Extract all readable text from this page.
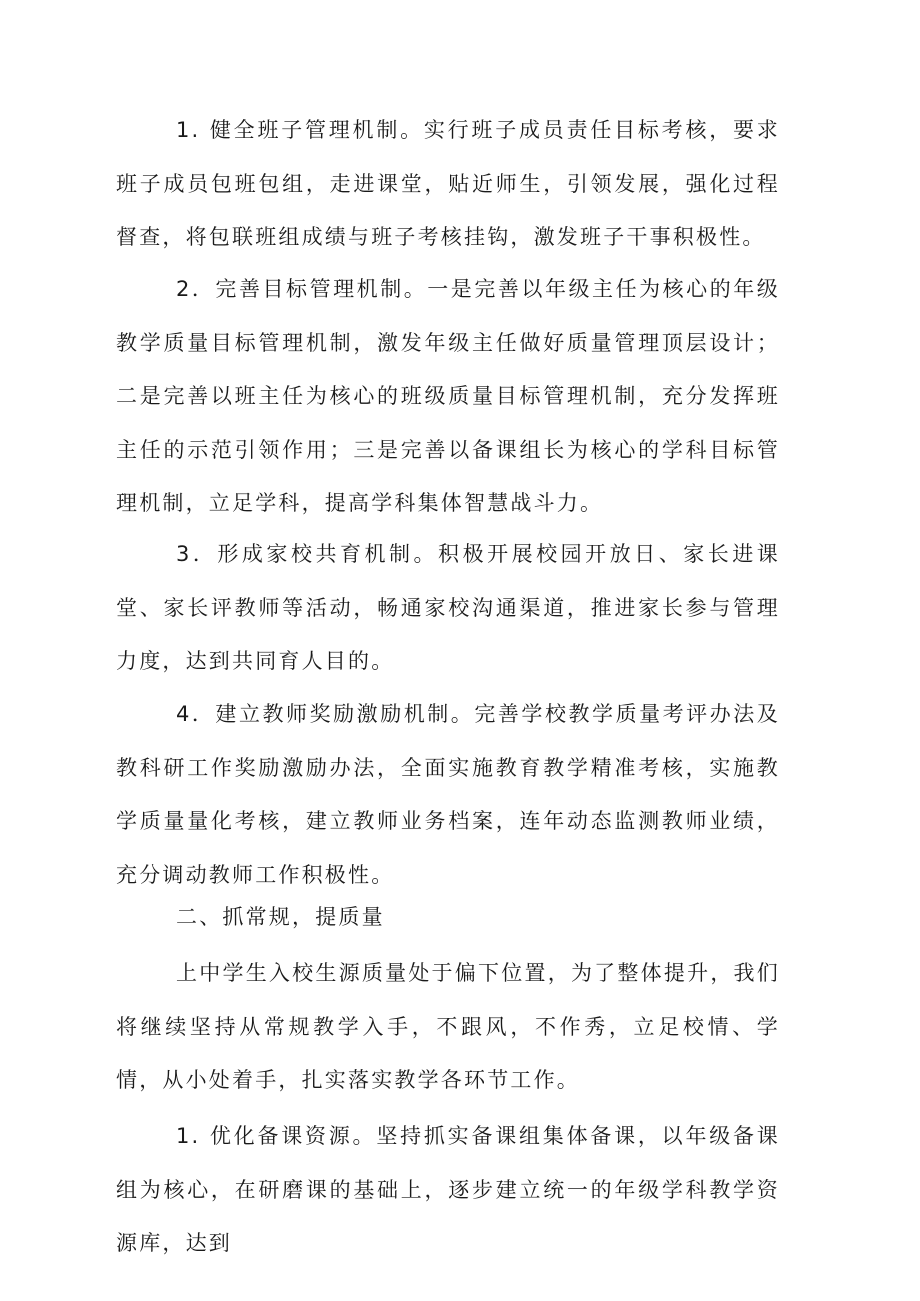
1. 健全班子管理机制。实行班子成员责任目标考核，要求班子成员包班包组，走进课堂，贴近师生，引领发展，强化过程督查，将包联班组成绩与班子考核挂钩，激发班子干事积极性。

2．完善目标管理机制。一是完善以年级主任为核心的年级教学质量目标管理机制，激发年级主任做好质量管理顶层设计；二是完善以班主任为核心的班级质量目标管理机制，充分发挥班主任的示范引领作用；三是完善以备课组长为核心的学科目标管理机制，立足学科，提高学科集体智慧战斗力。

3．形成家校共育机制。积极开展校园开放日、家长进课堂、家长评教师等活动，畅通家校沟通渠道，推进家长参与管理力度，达到共同育人目的。

4．建立教师奖励激励机制。完善学校教学质量考评办法及教科研工作奖励激励办法，全面实施教育教学精准考核，实施教学质量量化考核，建立教师业务档案，连年动态监测教师业绩，充分调动教师工作积极性。

二、抓常规，提质量

上中学生入校生源质量处于偏下位置，为了整体提升，我们将继续坚持从常规教学入手，不跟风，不作秀，立足校情、学情，从小处着手，扎实落实教学各环节工作。

1. 优化备课资源。坚持抓实备课组集体备课，以年级备课组为核心，在研磨课的基础上，逐步建立统一的年级学科教学资源库，达到
